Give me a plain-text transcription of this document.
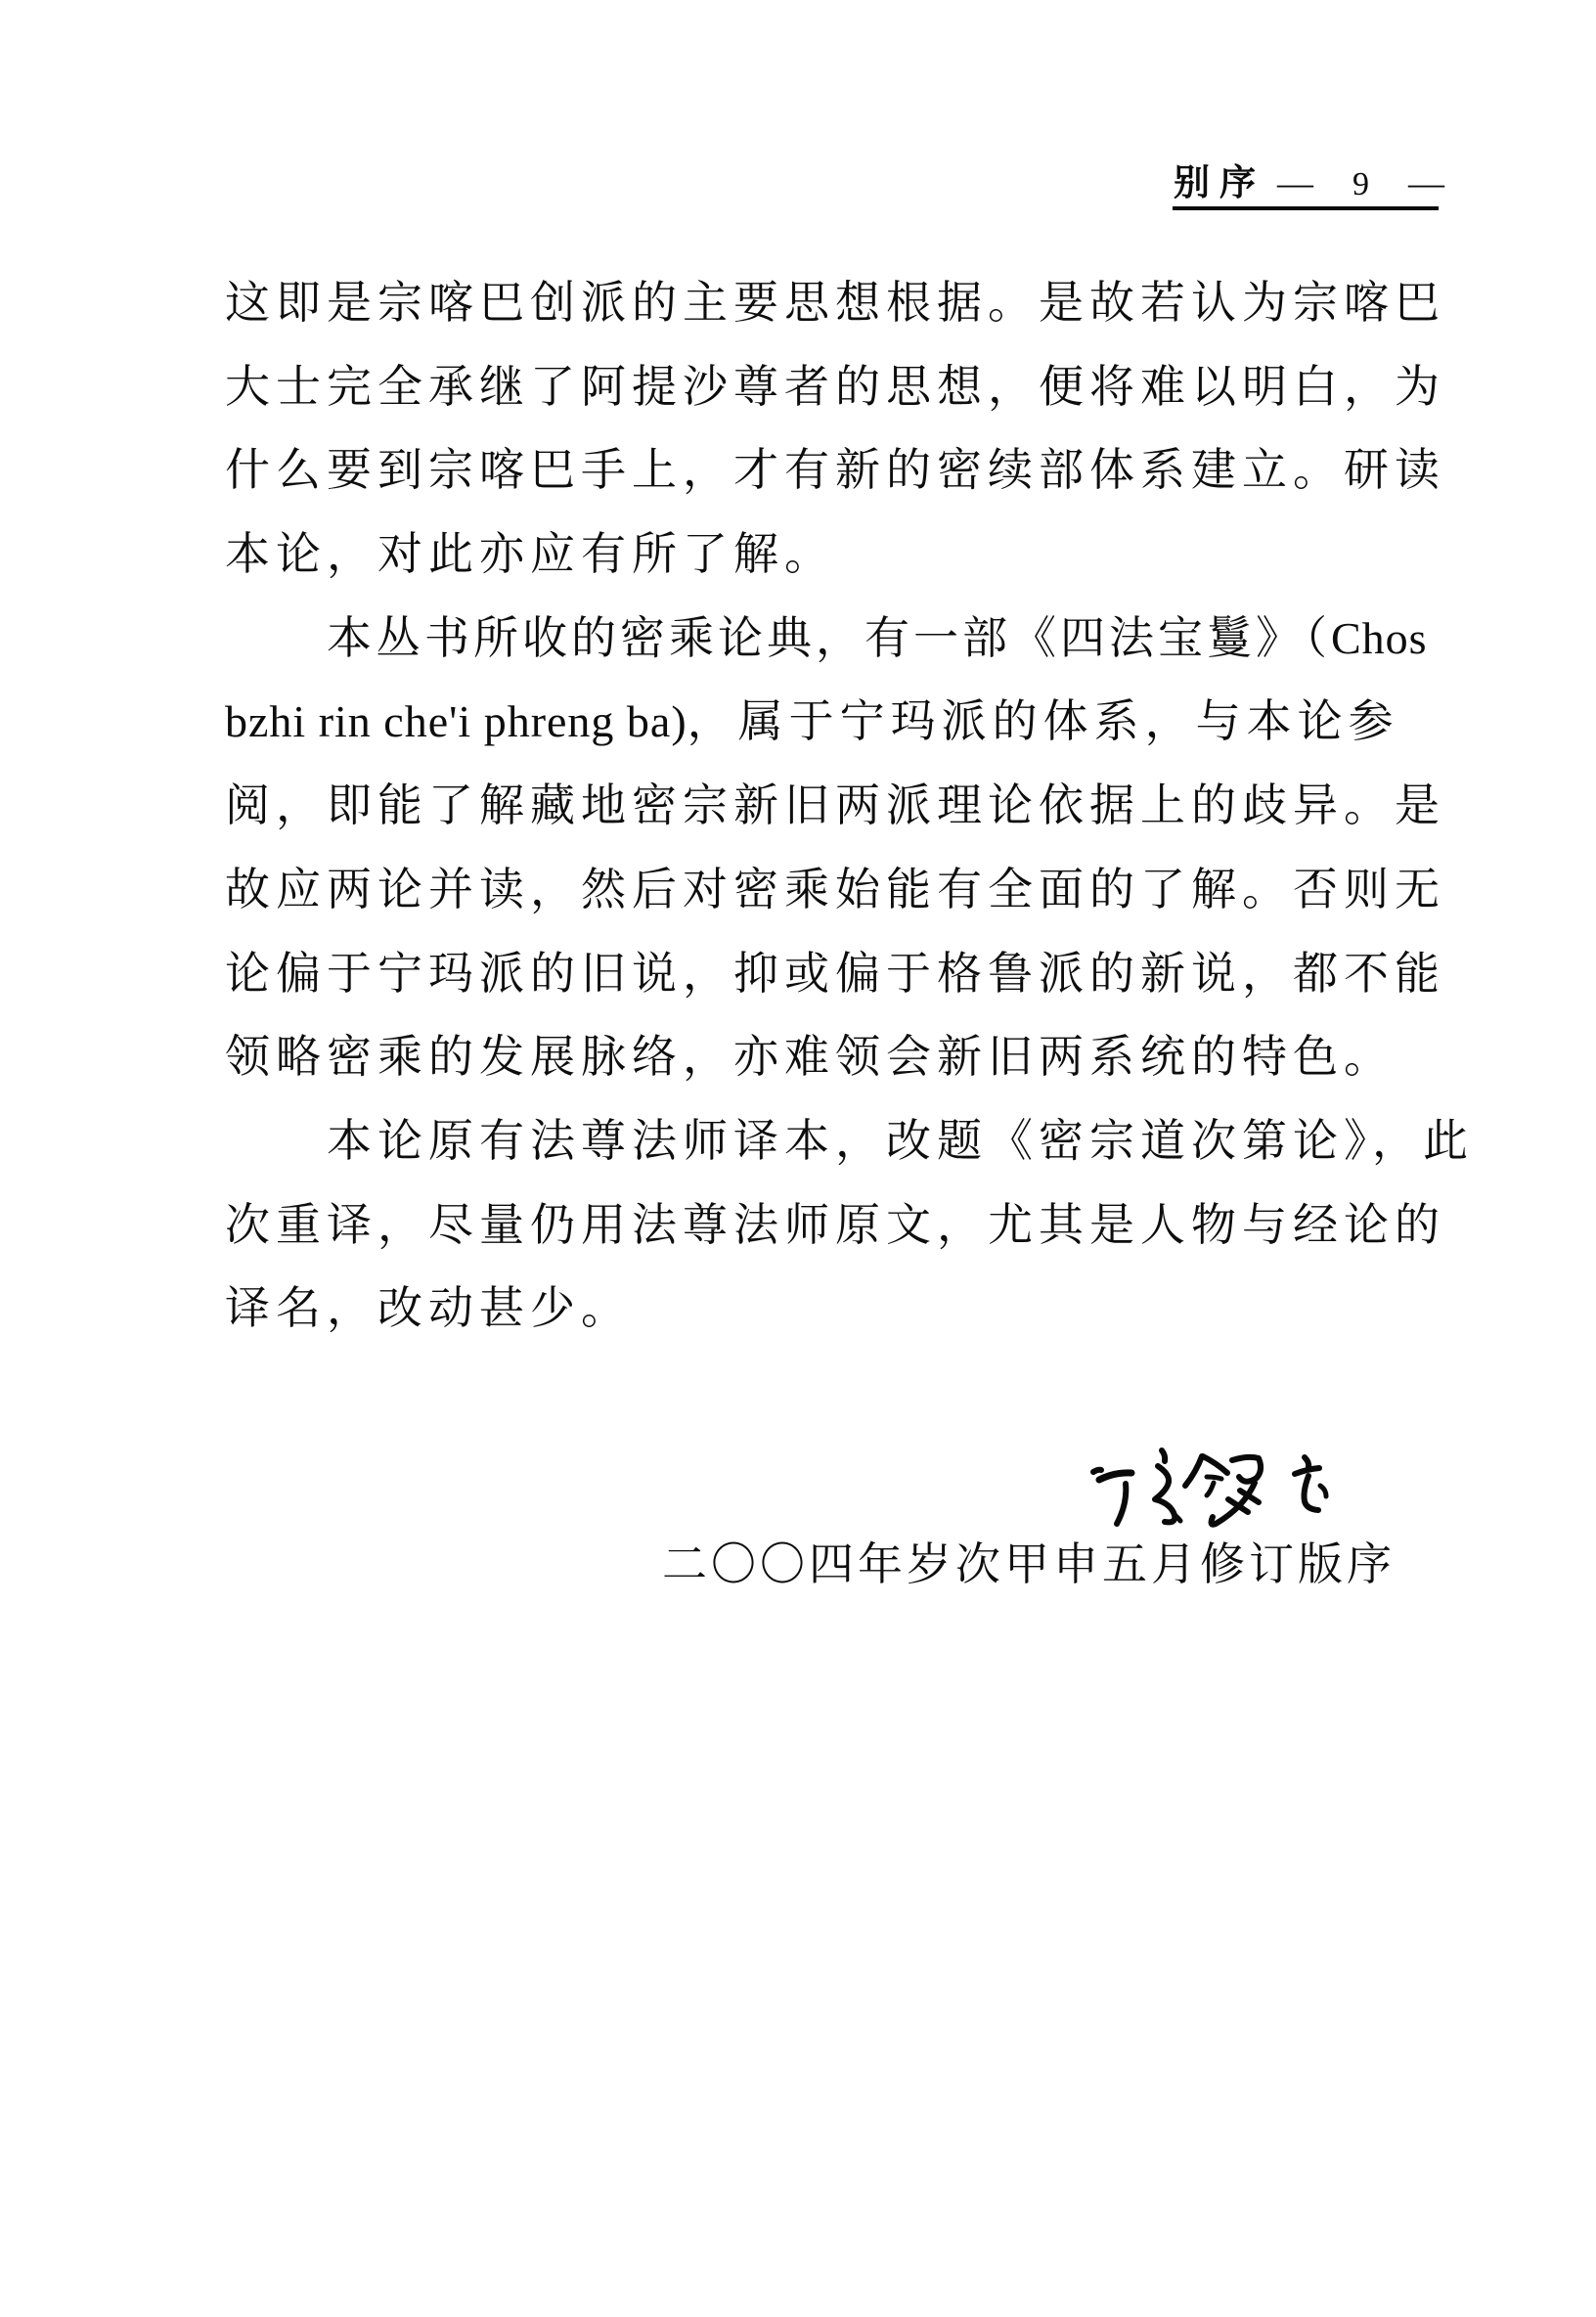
别序 — 9 —
这即是宗喀巴创派的主要思想根据。是故若认为宗喀巴
大士完全承继了阿提沙尊者的思想，便将难以明白，为
什么要到宗喀巴手上，才有新的密续部体系建立。研读
本论，对此亦应有所了解。
本丛书所收的密乘论典，有一部《四法宝鬘》（Chos
bzhi rin che'i phreng ba)，属于宁玛派的体系，与本论参
阅，即能了解藏地密宗新旧两派理论依据上的歧异。是
故应两论并读，然后对密乘始能有全面的了解。否则无
论偏于宁玛派的旧说，抑或偏于格鲁派的新说，都不能
领略密乘的发展脉络，亦难领会新旧两系统的特色。
本论原有法尊法师译本，改题《密宗道次第论》，此
次重译，尽量仍用法尊法师原文，尤其是人物与经论的
译名，改动甚少。
二〇〇四年岁次甲申五月修订版序
